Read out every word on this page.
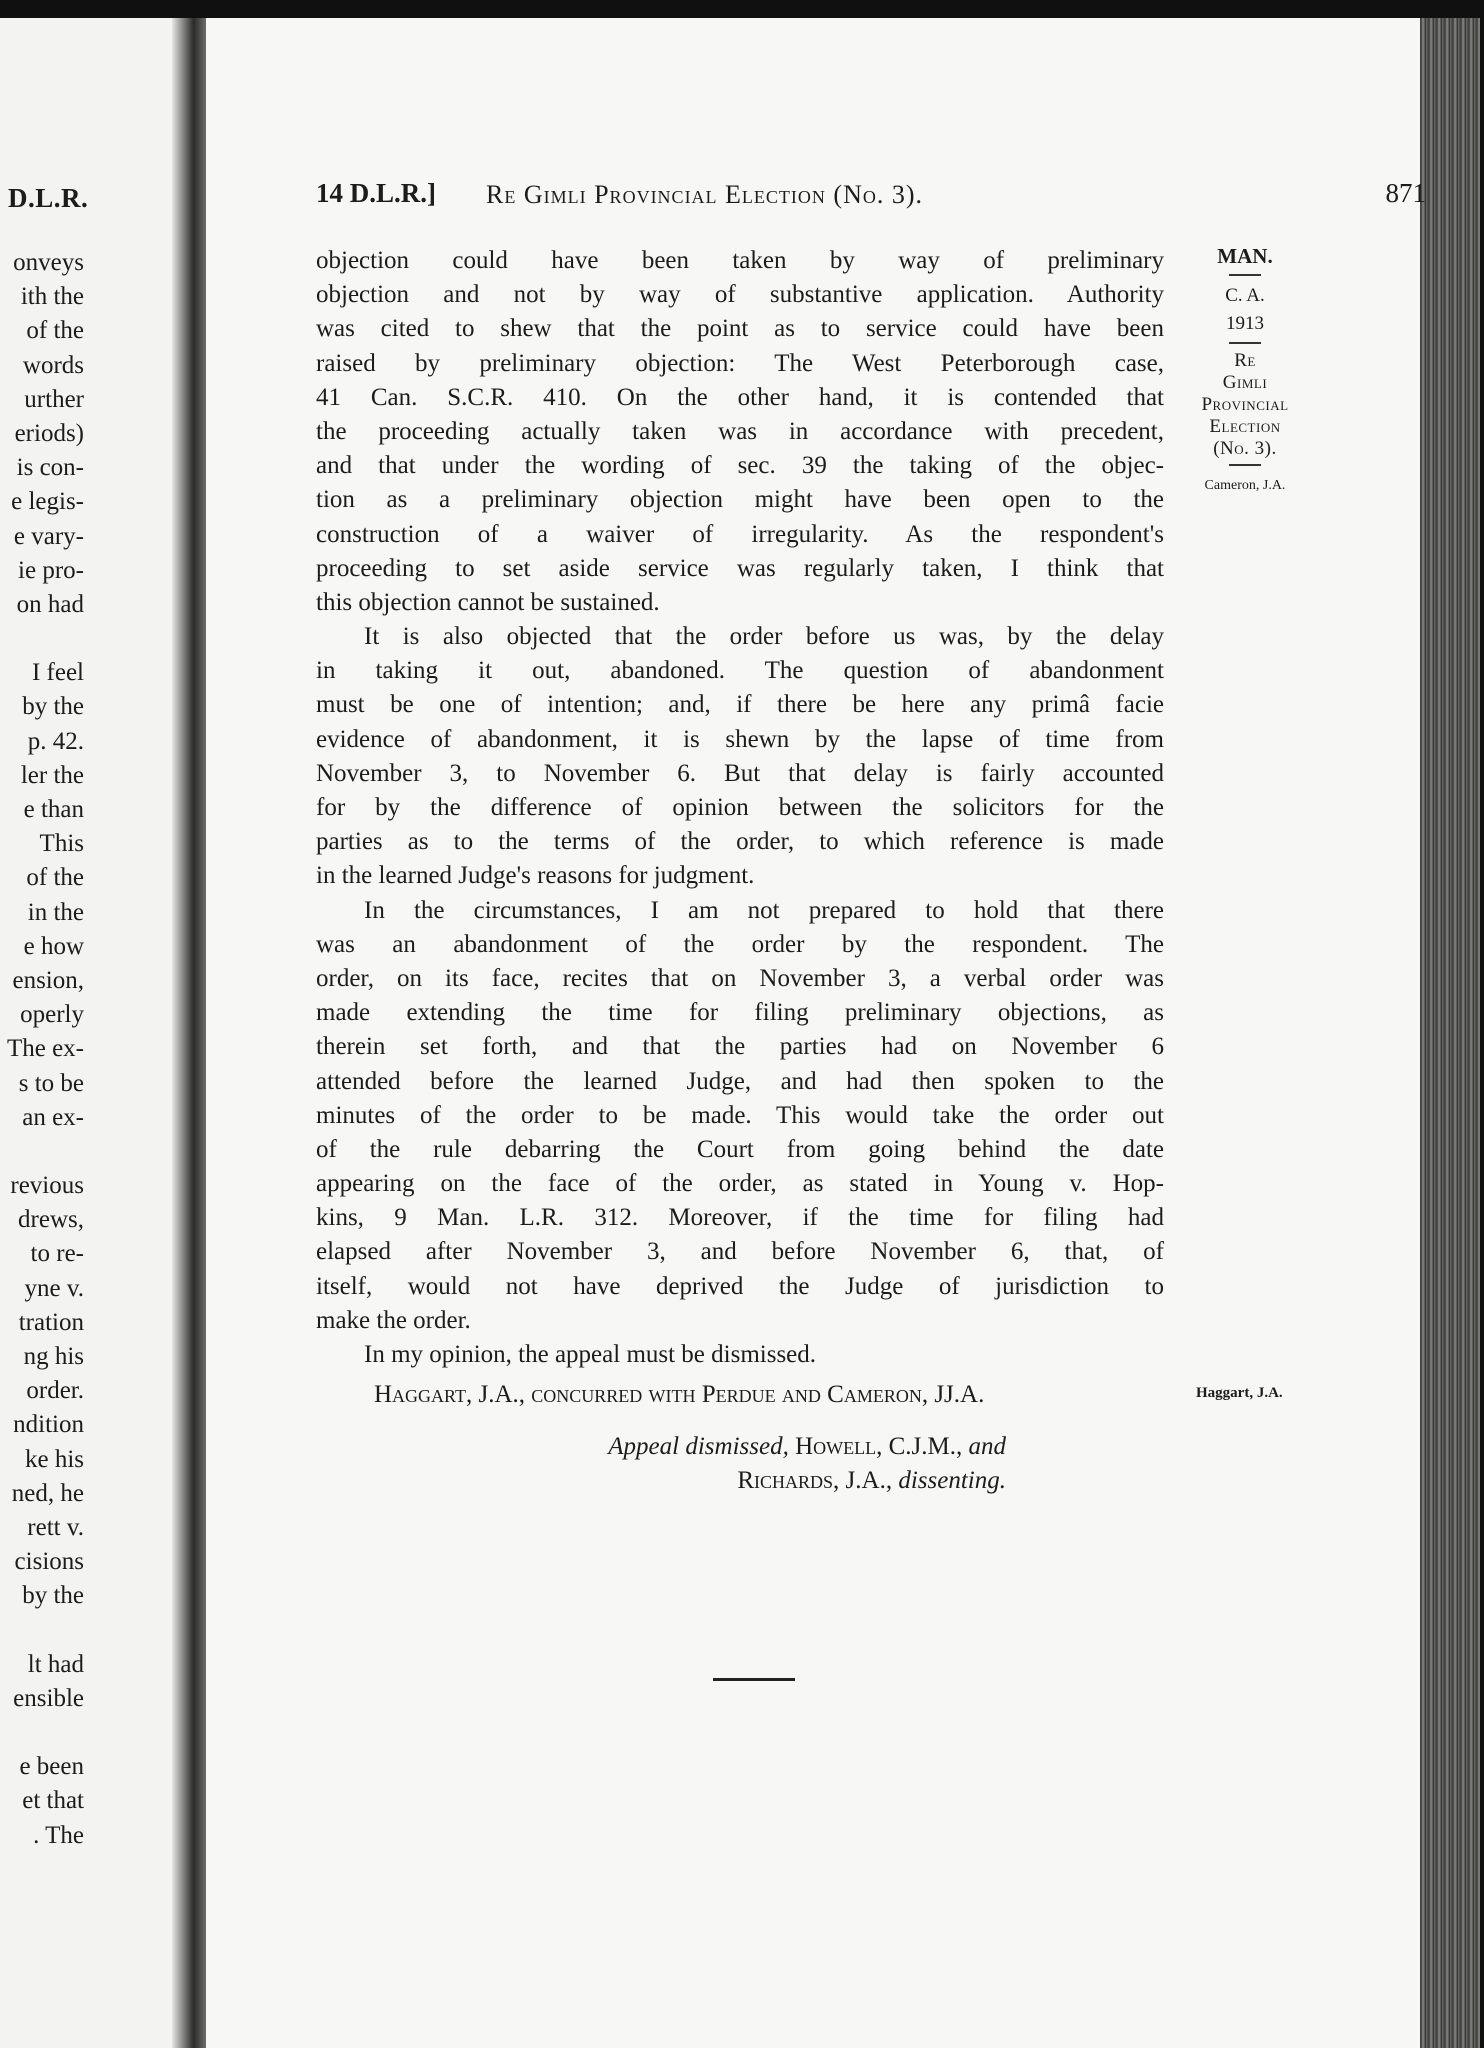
D.L.R.
onveys
ith the
of the
words
urther
eriods)
is con-
e legis-
e vary-
ie pro-
on had
I feel
by the
p. 42.
ler the
e than
This
of the
in the
e how
ension,
operly
The ex-
s to be
an ex-
revious
drews,
to re-
yne v.
tration
ng his
order.
ndition
ke his
ned, he
rett v.
cisions
by the
lt had
ensible
e been
et that
. The
14 D.L.R.] Re Gimli Provincial Election (No. 3).	871
objection could have been taken by way of preliminary
objection and not by way of substantive application. Authority
was cited to shew that the point as to service could have been
raised by preliminary objection: The West Peterborough case,
41 Can. S.C.R. 410. On the other hand, it is contended that
the proceeding actually taken was in accordance with precedent,
and that under the wording of sec. 39 the taking of the objec-
tion as a preliminary objection might have been open to the
construction of a waiver of irregularity. As the respondent's
proceeding to set aside service was regularly taken, I think that
this objection cannot be sustained.
It is also objected that the order before us was, by the delay
in taking it out, abandoned. The question of abandonment
must be one of intention; and, if there be here any primâ facie
evidence of abandonment, it is shewn by the lapse of time from
November 3, to November 6. But that delay is fairly accounted
for by the difference of opinion between the solicitors for the
parties as to the terms of the order, to which reference is made
in the learned Judge's reasons for judgment.
In the circumstances, I am not prepared to hold that there
was an abandonment of the order by the respondent. The
order, on its face, recites that on November 3, a verbal order was
made extending the time for filing preliminary objections, as
therein set forth, and that the parties had on November 6
attended before the learned Judge, and had then spoken to the
minutes of the order to be made. This would take the order out
of the rule debarring the Court from going behind the date
appearing on the face of the order, as stated in Young v. Hop-
kins, 9 Man. L.R. 312. Moreover, if the time for filing had
elapsed after November 3, and before November 6, that, of
itself, would not have deprived the Judge of jurisdiction to
make the order.
In my opinion, the appeal must be dismissed.
Haggart, J.A., concurred with Perdue and Cameron, JJ.A.
Appeal dismissed, Howell, C.J.M., and
Richards, J.A., dissenting.
MAN.
C. A.
1913
Re
Gimli
Provincial
Election
(No. 3).
Cameron, J.A.
Haggart, J.A.
